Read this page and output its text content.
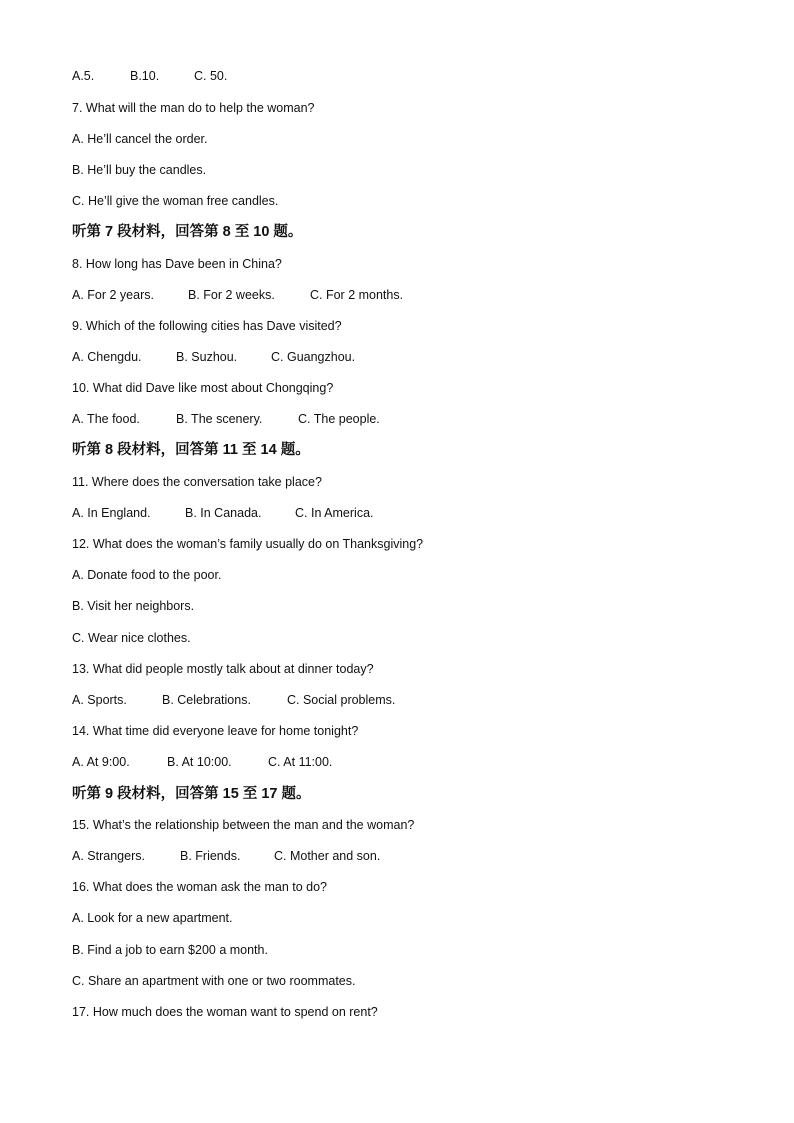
A.5.	B.10.	C. 50.
7. What will the man do to help the woman?
A. He’ll cancel the order.
B. He’ll buy the candles.
C. He’ll give the woman free candles.
听第 7 段材料，回答第 8 至 10 题。
8. How long has Dave been in China?
A. For 2 years.	B. For 2 weeks.	C. For 2 months.
9. Which of the following cities has Dave visited?
A. Chengdu.	B. Suzhou.	C. Guangzhou.
10. What did Dave like most about Chongqing?
A. The food.	B. The scenery.	C. The people.
听第 8 段材料，回答第 11 至 14 题。
11. Where does the conversation take place?
A. In England.	B. In Canada.	C. In America.
12. What does the woman’s family usually do on Thanksgiving?
A. Donate food to the poor.
B. Visit her neighbors.
C. Wear nice clothes.
13. What did people mostly talk about at dinner today?
A. Sports.	B. Celebrations.	C. Social problems.
14. What time did everyone leave for home tonight?
A. At 9:00.	B. At 10:00.	C. At 11:00.
听第 9 段材料，回答第 15 至 17 题。
15. What’s the relationship between the man and the woman?
A. Strangers.	B. Friends.	C. Mother and son.
16. What does the woman ask the man to do?
A. Look for a new apartment.
B. Find a job to earn $200 a month.
C. Share an apartment with one or two roommates.
17. How much does the woman want to spend on rent?
